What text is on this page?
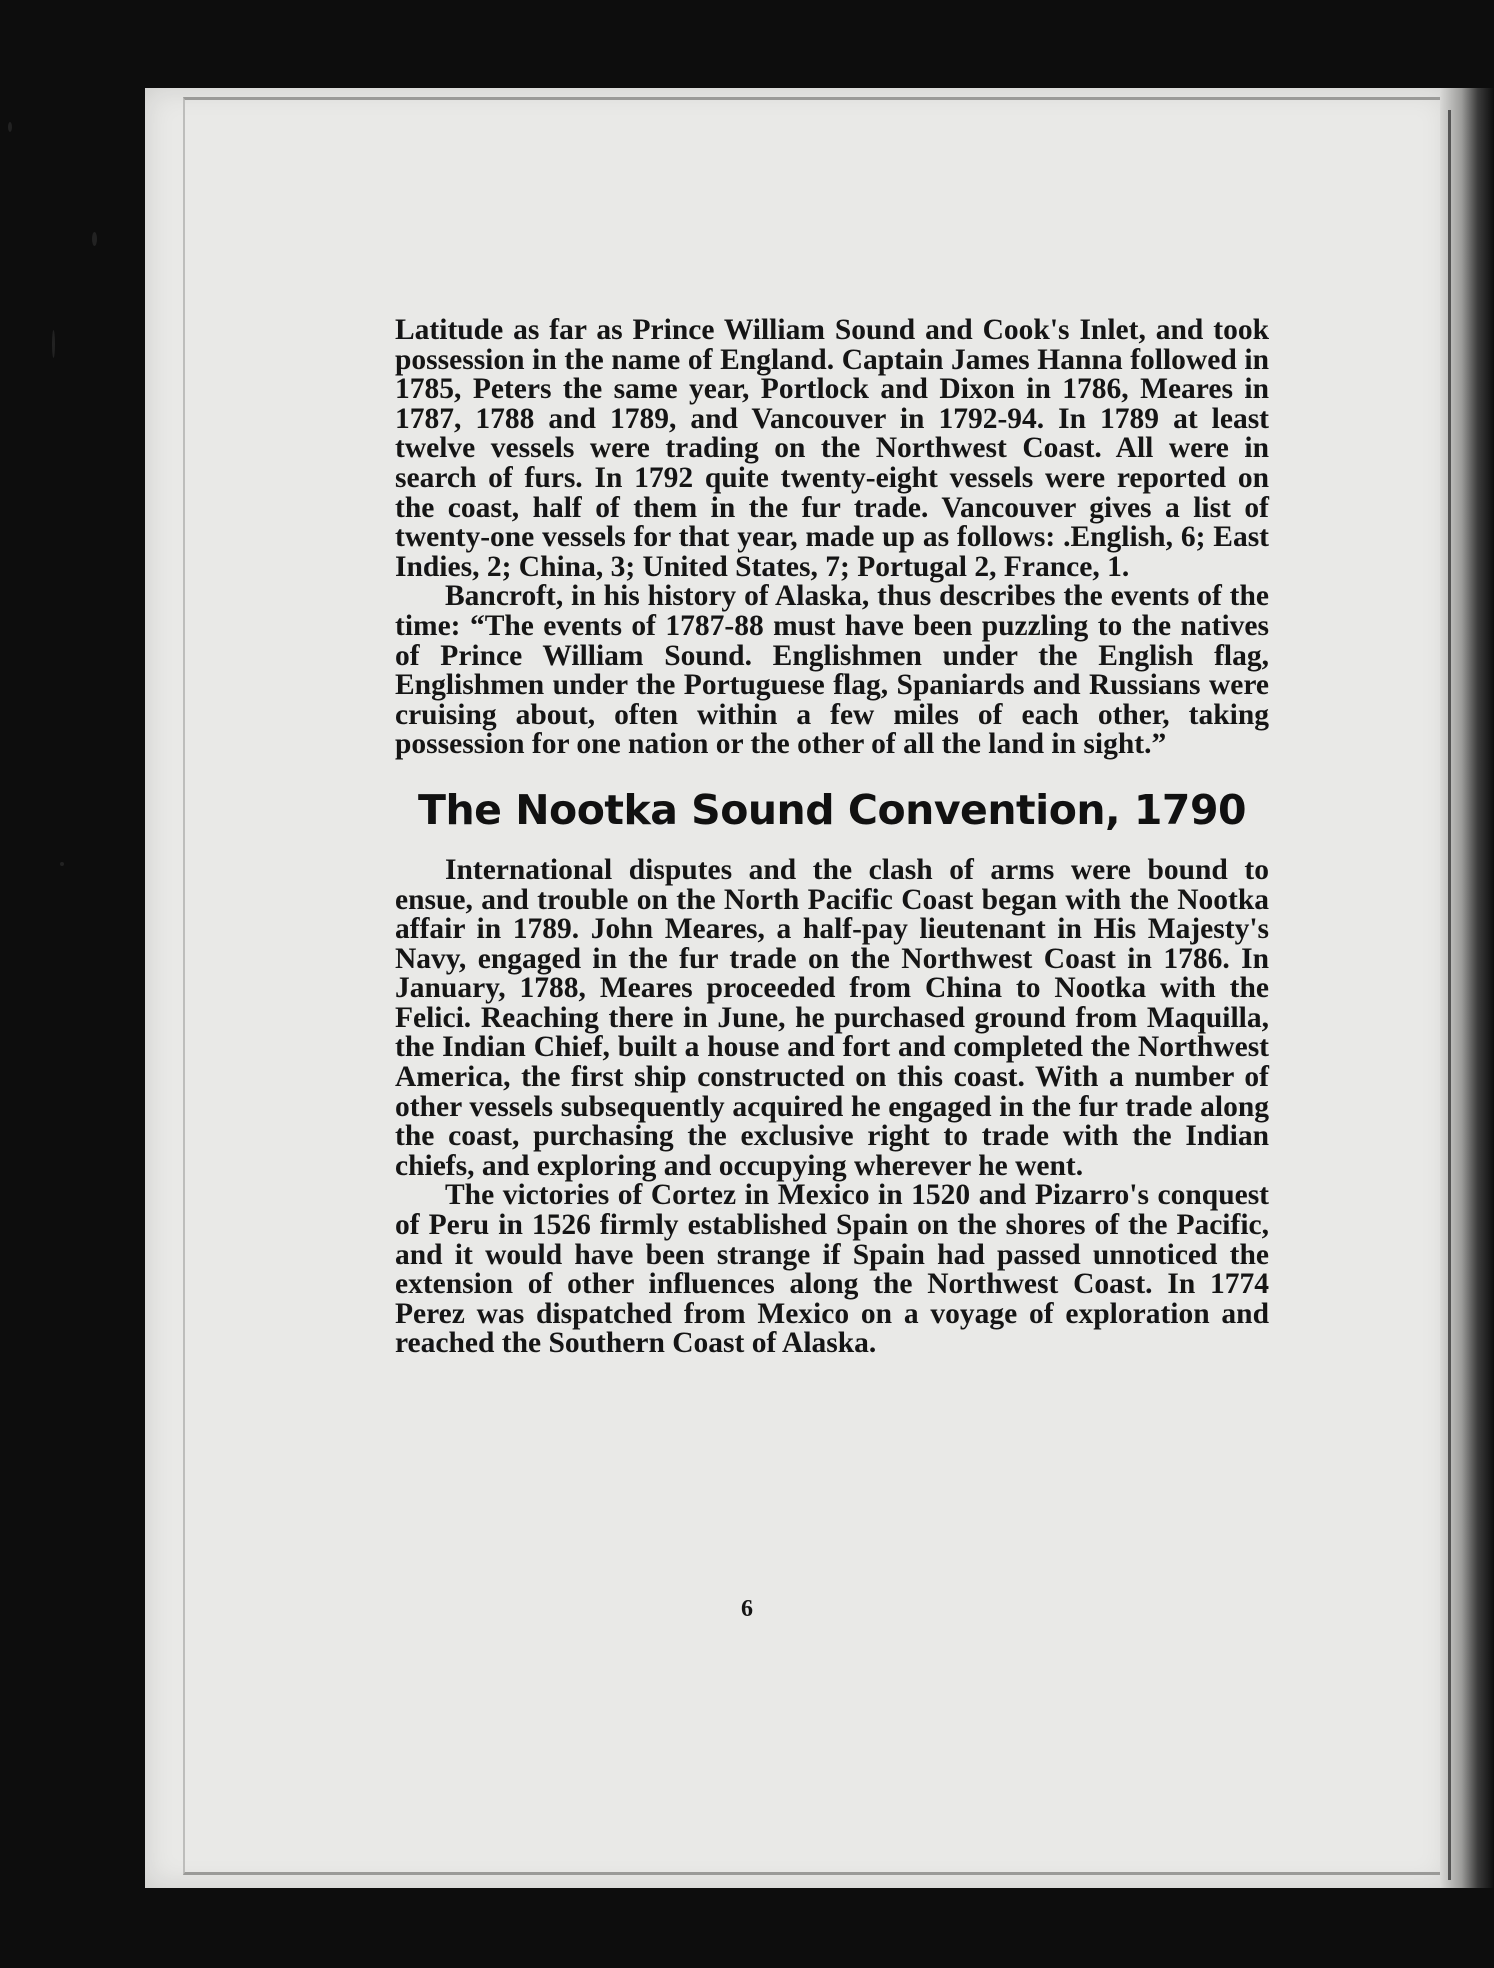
Latitude as far as Prince William Sound and Cook's Inlet, and took possession in the name of England. Captain James Hanna followed in 1785, Peters the same year, Portlock and Dixon in 1786, Meares in 1787, 1788 and 1789, and Vancouver in 1792-94. In 1789 at least twelve vessels were trading on the Northwest Coast. All were in search of furs. In 1792 quite twenty-eight vessels were reported on the coast, half of them in the fur trade. Vancouver gives a list of twenty-one vessels for that year, made up as follows: .English, 6; East Indies, 2; China, 3; United States, 7; Portugal 2, France, 1.

Bancroft, in his history of Alaska, thus describes the events of the time: “The events of 1787-88 must have been puzzling to the natives of Prince William Sound. Englishmen under the English flag, Englishmen under the Portuguese flag, Spaniards and Russians were cruising about, often within a few miles of each other, taking possession for one nation or the other of all the land in sight.”

The Nootka Sound Convention, 1790

International disputes and the clash of arms were bound to ensue, and trouble on the North Pacific Coast began with the Nootka affair in 1789. John Meares, a half-pay lieutenant in His Majesty's Navy, engaged in the fur trade on the Northwest Coast in 1786. In January, 1788, Meares proceeded from China to Nootka with the Felici. Reaching there in June, he purchased ground from Maquilla, the Indian Chief, built a house and fort and completed the Northwest America, the first ship constructed on this coast. With a number of other vessels subsequently acquired he engaged in the fur trade along the coast, purchasing the exclusive right to trade with the Indian chiefs, and exploring and occupying wherever he went.

The victories of Cortez in Mexico in 1520 and Pizarro's conquest of Peru in 1526 firmly established Spain on the shores of the Pacific, and it would have been strange if Spain had passed unnoticed the extension of other influences along the Northwest Coast. In 1774 Perez was dispatched from Mexico on a voyage of exploration and reached the Southern Coast of Alaska.

6
